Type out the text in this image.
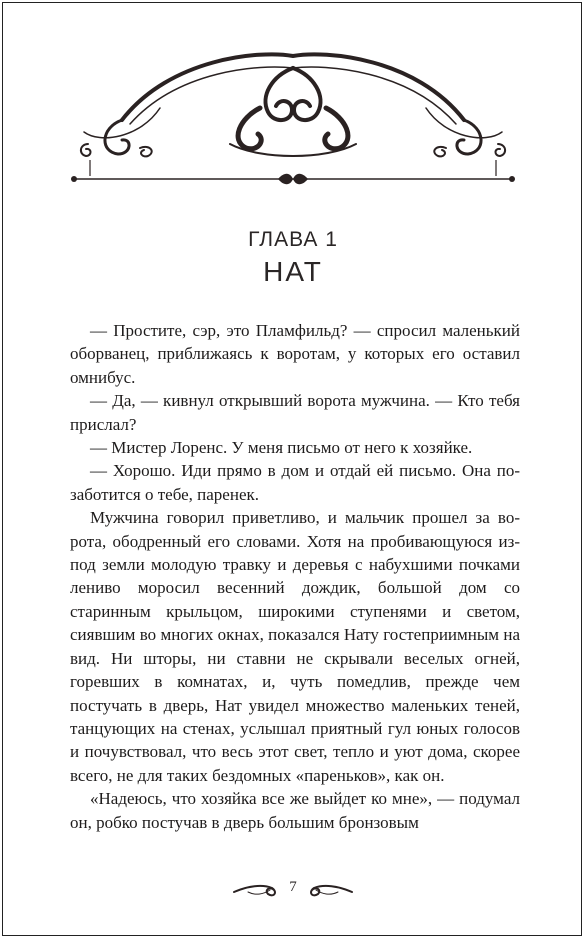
ГЛАВА 1
НАТ

— Простите, сэр, это Пламфильд? — спросил маленький оборванец, приближаясь к воротам, у которых его оставил омнибус.

— Да, — кивнул открывший ворота мужчина. — Кто тебя прислал?

— Мистер Лоренс. У меня письмо от него к хозяйке.

— Хорошо. Иди прямо в дом и отдай ей письмо. Она позаботится о тебе, паренек.

Мужчина говорил приветливо, и мальчик прошел за ворота, ободренный его словами. Хотя на пробивающуюся из-под земли молодую травку и деревья с набухшими почками лениво моросил весенний дождик, большой дом со старинным крыльцом, широкими ступенями и светом, сиявшим во многих окнах, показался Нату гостеприимным на вид. Ни шторы, ни ставни не скрывали веселых огней, горевших в комнатах, и, чуть помедлив, прежде чем постучать в дверь, Нат увидел множество маленьких теней, танцующих на стенах, услышал приятный гул юных голосов и почувствовал, что весь этот свет, тепло и уют дома, скорее всего, не для таких бездомных «пареньков», как он.

«Надеюсь, что хозяйка все же выйдет ко мне», — подумал он, робко постучав в дверь большим бронзовым

7
